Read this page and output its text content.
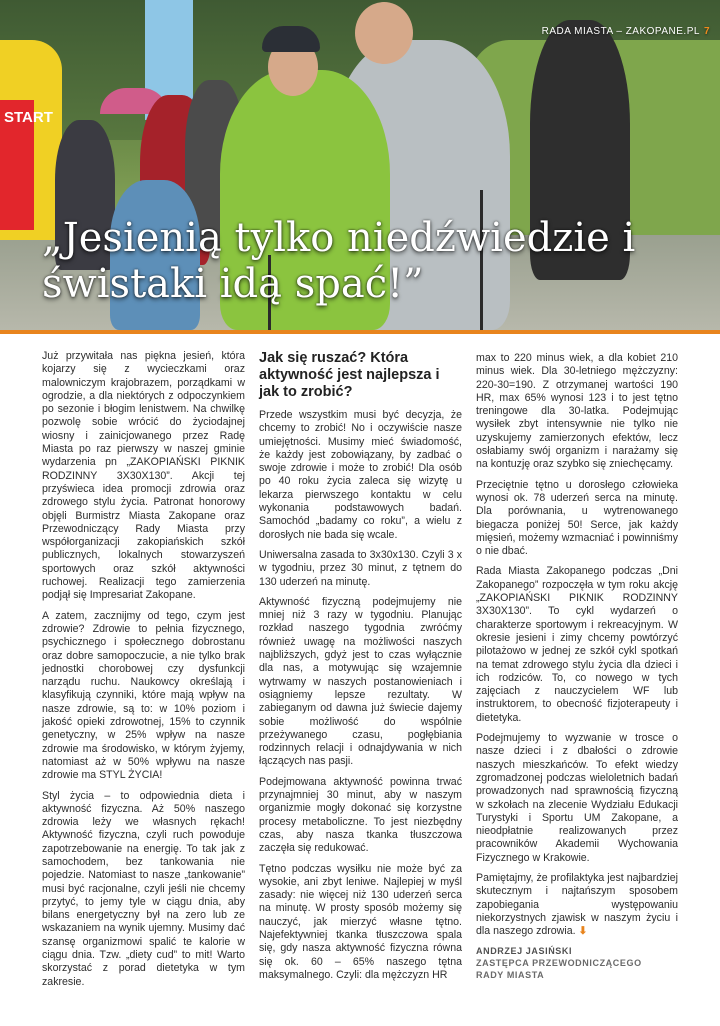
START
RADA MIASTA – ZAKOPANE.PL 7
„Jesienią tylko niedźwiedzie i świstaki idą spać!”

Już przywitała nas piękna jesień, która kojarzy się z wycieczkami oraz malowniczym krajobrazem, porządkami w ogrodzie, a dla niektórych z odpoczynkiem po sezonie i błogim lenistwem. Na chwilkę pozwolę sobie wrócić do życiodajnej wiosny i zainicjowanego przez Radę Miasta po raz pierwszy w naszej gminie wydarzenia pn „ZAKOPIAŃSKI PIKNIK RODZINNY 3X30X130”. Akcji tej przyświeca idea promocji zdrowia oraz zdrowego stylu życia. Patronat honorowy objęli Burmistrz Miasta Zakopane oraz Przewodniczący Rady Miasta przy współorganizacji zakopiańskich szkół publicznych, lokalnych stowarzyszeń sportowych oraz szkół aktywności ruchowej. Realizacji tego zamierzenia podjął się Impresariat Zakopane.

A zatem, zacznijmy od tego, czym jest zdrowie? Zdrowie to pełnia fizycznego, psychicznego i społecznego dobrostanu oraz dobre samopoczucie, a nie tylko brak jednostki chorobowej czy dysfunkcji narządu ruchu. Naukowcy określają i klasyfikują czynniki, które mają wpływ na nasze zdrowie, są to: w 10% poziom i jakość opieki zdrowotnej, 15% to czynnik genetyczny, w 25% wpływ na nasze zdrowie ma środowisko, w którym żyjemy, natomiast aż w 50% wpływu na nasze zdrowie ma STYL ŻYCIA!

Styl życia – to odpowiednia dieta i aktywność fizyczna. Aż 50% naszego zdrowia leży we własnych rękach! Aktywność fizyczna, czyli ruch powoduje zapotrzebowanie na energię. To tak jak z samochodem, bez tankowania nie pojedzie. Natomiast to nasze „tankowanie” musi być racjonalne, czyli jeśli nie chcemy przytyć, to jemy tyle w ciągu dnia, aby bilans energetyczny był na zero lub ze wskazaniem na wynik ujemny. Musimy dać szansę organizmowi spalić te kalorie w ciągu dnia. Tzw. „diety cud” to mit! Warto skorzystać z porad dietetyka w tym zakresie.

Jak się ruszać? Która aktywność jest najlepsza i jak to zrobić?

Przede wszystkim musi być decyzja, że chcemy to zrobić! No i oczywiście nasze umiejętności. Musimy mieć świadomość, że każdy jest zobowiązany, by zadbać o swoje zdrowie i może to zrobić! Dla osób po 40 roku życia zaleca się wizytę u lekarza pierwszego kontaktu w celu wykonania podstawowych badań. Samochód „badamy co roku”, a wielu z dorosłych nie bada się wcale.

Uniwersalna zasada to 3x30x130. Czyli 3 x w tygodniu, przez 30 minut, z tętnem do 130 uderzeń na minutę.

Aktywność fizyczną podejmujemy nie mniej niż 3 razy w tygodniu. Planując rozkład naszego tygodnia zwróćmy również uwagę na możliwości naszych najbliższych, gdyż jest to czas wyłącznie dla nas, a motywując się wzajemnie wytrwamy w naszych postanowieniach i osiągniemy lepsze rezultaty. W zabieganym od dawna już świecie dajemy sobie możliwość do wspólnie przeżywanego czasu, pogłębiania rodzinnych relacji i odnajdywania w nich łączących nas pasji.

Podejmowana aktywność powinna trwać przynajmniej 30 minut, aby w naszym organizmie mogły dokonać się korzystne procesy metaboliczne. To jest niezbędny czas, aby nasza tkanka tłuszczowa zaczęła się redukować.

Tętno podczas wysiłku nie może być za wysokie, ani zbyt leniwe. Najlepiej w myśl zasady: nie więcej niż 130 uderzeń serca na minutę. W prosty sposób możemy się nauczyć, jak mierzyć własne tętno. Najefektywniej tkanka tłuszczowa spala się, gdy nasza aktywność fizyczna równa się ok. 60 – 65% naszego tętna maksymalnego. Czyli: dla mężczyzn HR

max to 220 minus wiek, a dla kobiet 210 minus wiek. Dla 30-letniego mężczyzny: 220-30=190. Z otrzymanej wartości 190 HR, max 65% wynosi 123 i to jest tętno treningowe dla 30-latka. Podejmując wysiłek zbyt intensywnie nie tylko nie uzyskujemy zamierzonych efektów, lecz osłabiamy swój organizm i narażamy się na kontuzję oraz szybko się zniechęcamy.

Przeciętnie tętno u dorosłego człowieka wynosi ok. 78 uderzeń serca na minutę. Dla porównania, u wytrenowanego biegacza poniżej 50! Serce, jak każdy mięsień, możemy wzmacniać i powinniśmy o nie dbać.

Rada Miasta Zakopanego podczas „Dni Zakopanego” rozpoczęła w tym roku akcję „ZAKOPIAŃSKI PIKNIK RODZINNY 3X30X130”. To cykl wydarzeń o charakterze sportowym i rekreacyjnym. W okresie jesieni i zimy chcemy powtórzyć pilotażowo w jednej ze szkół cykl spotkań na temat zdrowego stylu życia dla dzieci i ich rodziców. To, co nowego w tych zajęciach z nauczycielem WF lub instruktorem, to obecność fizjoterapeuty i dietetyka.

Podejmujemy to wyzwanie w trosce o nasze dzieci i z dbałości o zdrowie naszych mieszkańców. To efekt wiedzy zgromadzonej podczas wieloletnich badań prowadzonych nad sprawnością fizyczną w szkołach na zlecenie Wydziału Edukacji Turystyki i Sportu UM Zakopane, a nieodpłatnie realizowanych przez pracowników Akademii Wychowania Fizycznego w Krakowie.

Pamiętajmy, że profilaktyka jest najbardziej skutecznym i najtańszym sposobem zapobiegania występowaniu niekorzystnych zjawisk w naszym życiu i dla naszego zdrowia. ⬇

ANDRZEJ JASIŃSKI
ZASTĘPCA PRZEWODNICZĄCEGO
RADY MIASTA
